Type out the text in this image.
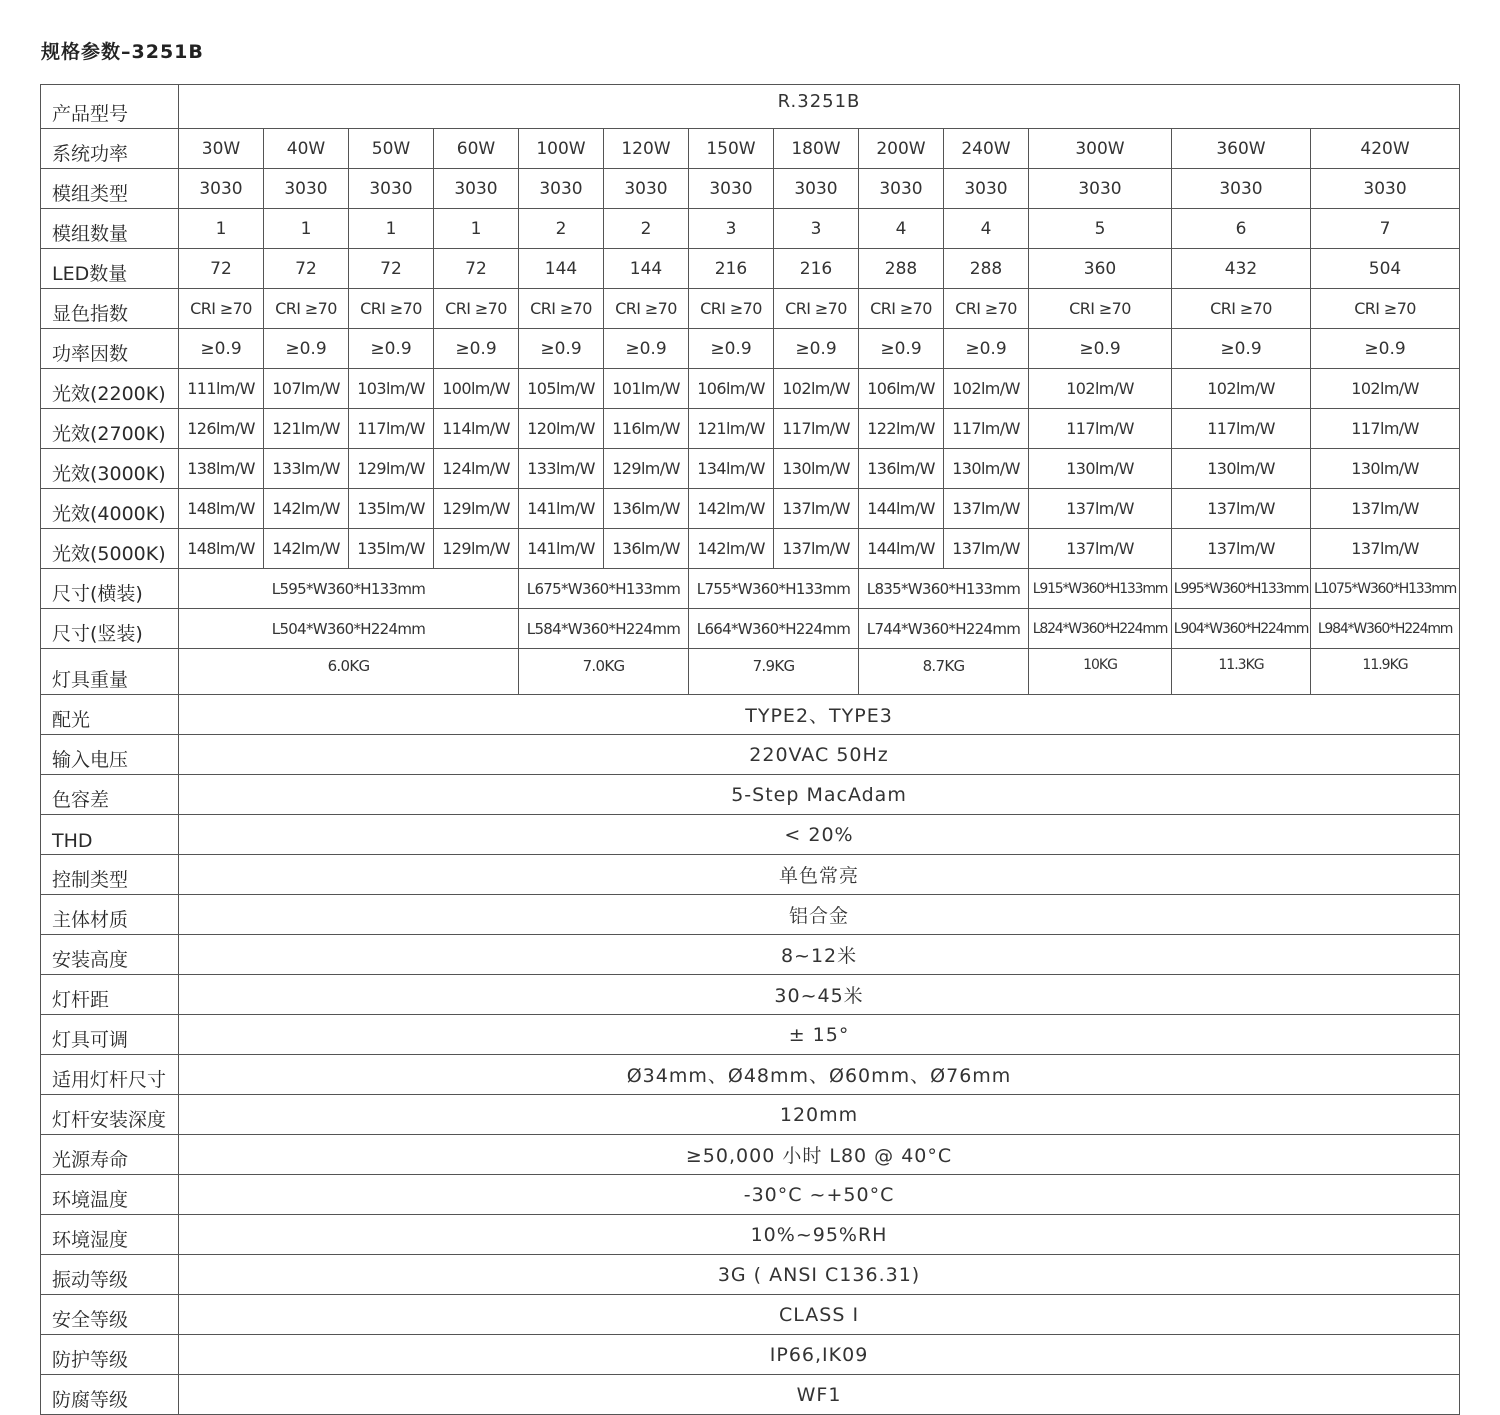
规格参数–3251B
产品型号	R.3251B												
系统功率	30W	40W	50W	60W	100W	120W	150W	180W	200W	240W	300W	360W	420W
模组类型	3030	3030	3030	3030	3030	3030	3030	3030	3030	3030	3030	3030	3030
模组数量	1	1	1	1	2	2	3	3	4	4	5	6	7
LED数量	72	72	72	72	144	144	216	216	288	288	360	432	504
显色指数	CRI ≥70	CRI ≥70	CRI ≥70	CRI ≥70	CRI ≥70	CRI ≥70	CRI ≥70	CRI ≥70	CRI ≥70	CRI ≥70	CRI ≥70	CRI ≥70	CRI ≥70
功率因数	≥0.9	≥0.9	≥0.9	≥0.9	≥0.9	≥0.9	≥0.9	≥0.9	≥0.9	≥0.9	≥0.9	≥0.9	≥0.9
光效(2200K)	111lm/W	107lm/W	103lm/W	100lm/W	105lm/W	101lm/W	106lm/W	102lm/W	106lm/W	102lm/W	102lm/W	102lm/W	102lm/W
光效(2700K)	126lm/W	121lm/W	117lm/W	114lm/W	120lm/W	116lm/W	121lm/W	117lm/W	122lm/W	117lm/W	117lm/W	117lm/W	117lm/W
光效(3000K)	138lm/W	133lm/W	129lm/W	124lm/W	133lm/W	129lm/W	134lm/W	130lm/W	136lm/W	130lm/W	130lm/W	130lm/W	130lm/W
光效(4000K)	148lm/W	142lm/W	135lm/W	129lm/W	141lm/W	136lm/W	142lm/W	137lm/W	144lm/W	137lm/W	137lm/W	137lm/W	137lm/W
光效(5000K)	148lm/W	142lm/W	135lm/W	129lm/W	141lm/W	136lm/W	142lm/W	137lm/W	144lm/W	137lm/W	137lm/W	137lm/W	137lm/W
尺寸(横装)	L595*W360*H133mm				L675*W360*H133mm		L755*W360*H133mm		L835*W360*H133mm		L915*W360*H133mm	L995*W360*H133mm	L1075*W360*H133mm
尺寸(竖装)	L504*W360*H224mm				L584*W360*H224mm		L664*W360*H224mm		L744*W360*H224mm		L824*W360*H224mm	L904*W360*H224mm	L984*W360*H224mm
灯具重量	6.0KG				7.0KG		7.9KG		8.7KG		10KG	11.3KG	11.9KG
配光	TYPE2、TYPE3												
输入电压	220VAC 50Hz												
色容差	5-Step MacAdam												
THD	< 20%												
控制类型	单色常亮												
主体材质	铝合金												
安装高度	8~12米												
灯杆距	30~45米												
灯具可调	± 15°												
适用灯杆尺寸	Ø34mm、Ø48mm、Ø60mm、Ø76mm												
灯杆安装深度	120mm												
光源寿命	≥50,000 小时 L80 @ 40°C												
环境温度	-30°C ~+50°C												
环境湿度	10%~95%RH												
振动等级	3G ( ANSI C136.31)												
安全等级	CLASS I												
防护等级	IP66,IK09												
防腐等级	WF1												
